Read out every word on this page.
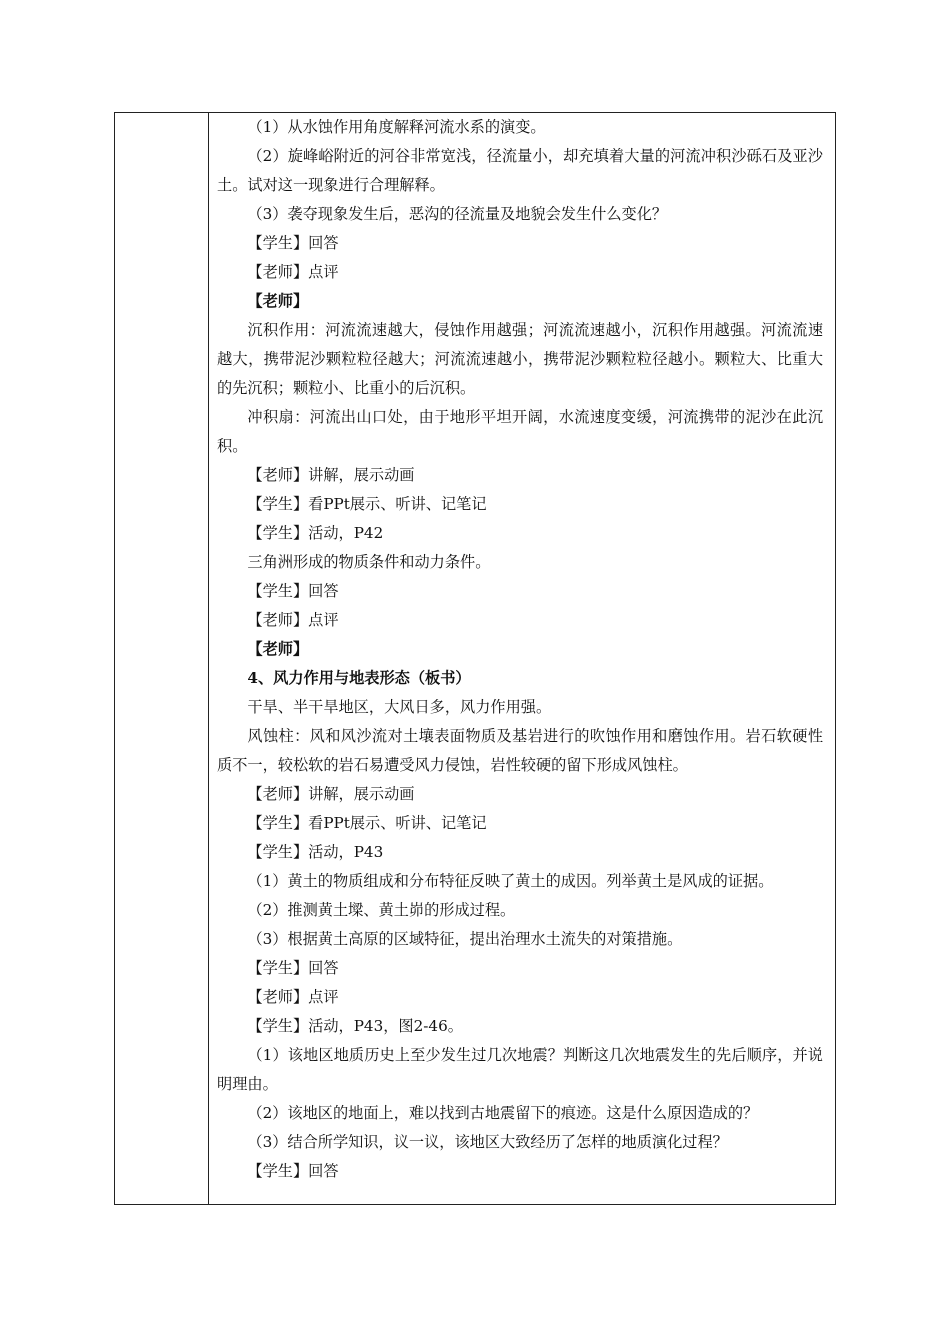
（1）从水蚀作用角度解释河流水系的演变。

（2）旋峰峪附近的河谷非常宽浅，径流量小，却充填着大量的河流冲积沙砾石及亚沙土。试对这一现象进行合理解释。

（3）袭夺现象发生后，恶沟的径流量及地貌会发生什么变化？

【学生】回答

【老师】点评

【老师】

沉积作用：河流流速越大，侵蚀作用越强；河流流速越小，沉积作用越强。河流流速越大，携带泥沙颗粒粒径越大；河流流速越小，携带泥沙颗粒粒径越小。颗粒大、比重大的先沉积；颗粒小、比重小的后沉积。

冲积扇：河流出山口处，由于地形平坦开阔，水流速度变缓，河流携带的泥沙在此沉积。

【老师】讲解，展示动画

【学生】看PPt展示、听讲、记笔记

【学生】活动，P42

三角洲形成的物质条件和动力条件。

【学生】回答

【老师】点评

【老师】

4、风力作用与地表形态（板书）

干旱、半干旱地区，大风日多，风力作用强。

风蚀柱：风和风沙流对土壤表面物质及基岩进行的吹蚀作用和磨蚀作用。岩石软硬性质不一，较松软的岩石易遭受风力侵蚀，岩性较硬的留下形成风蚀柱。

【老师】讲解，展示动画

【学生】看PPt展示、听讲、记笔记

【学生】活动，P43

（1）黄土的物质组成和分布特征反映了黄土的成因。列举黄土是风成的证据。

（2）推测黄土墚、黄土峁的形成过程。

（3）根据黄土高原的区域特征，提出治理水土流失的对策措施。

【学生】回答

【老师】点评

【学生】活动，P43，图2-46。

（1）该地区地质历史上至少发生过几次地震？判断这几次地震发生的先后顺序，并说明理由。

（2）该地区的地面上，难以找到古地震留下的痕迹。这是什么原因造成的？

（3）结合所学知识，议一议，该地区大致经历了怎样的地质演化过程？

【学生】回答
